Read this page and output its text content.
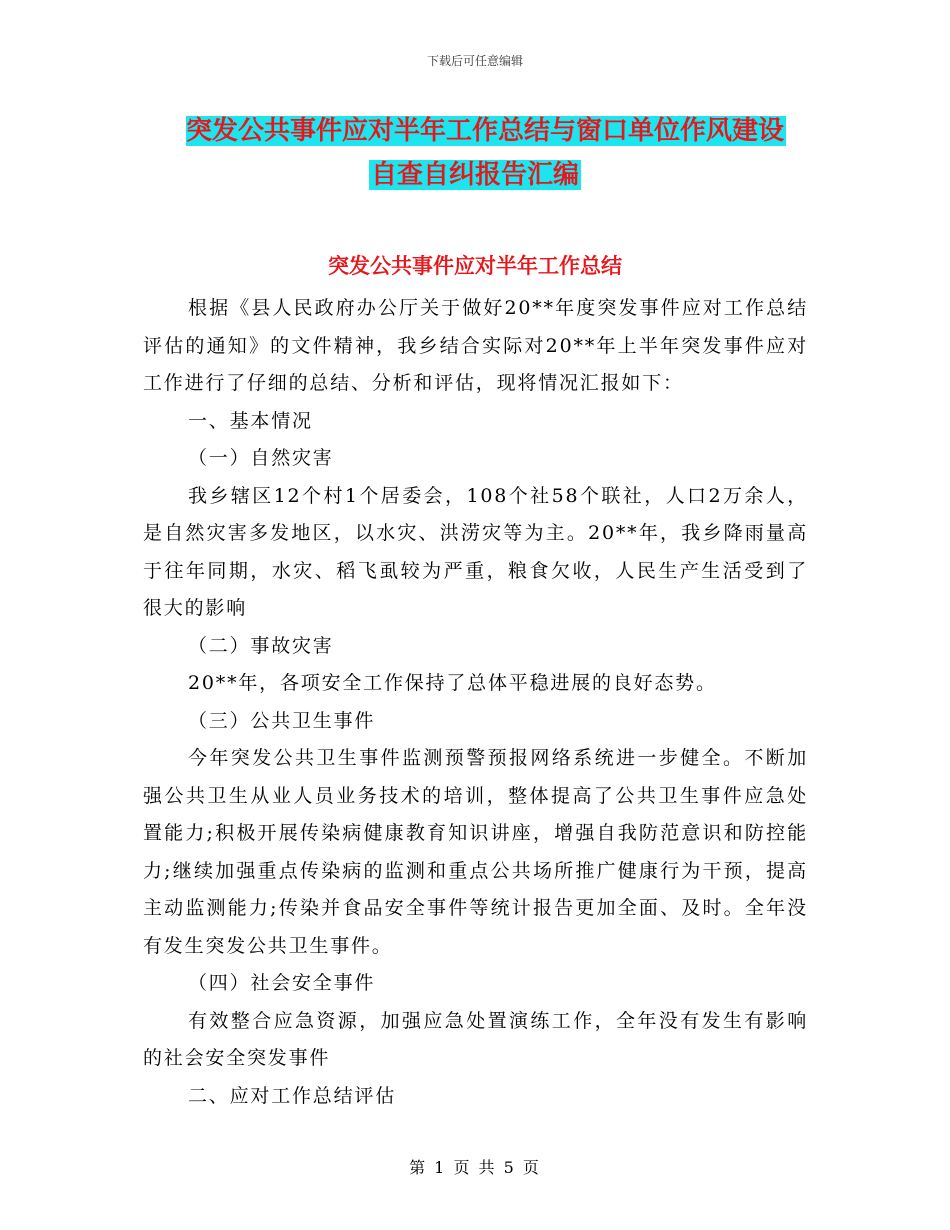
下载后可任意编辑
突发公共事件应对半年工作总结与窗口单位作风建设
自查自纠报告汇编
突发公共事件应对半年工作总结

根据《县人民政府办公厅关于做好20**年度突发事件应对工作总结评估的通知》的文件精神，我乡结合实际对20**年上半年突发事件应对工作进行了仔细的总结、分析和评估，现将情况汇报如下：

一、基本情况

（一）自然灾害

我乡辖区12个村1个居委会，108个社58个联社，人口2万余人，是自然灾害多发地区，以水灾、洪涝灾等为主。20**年，我乡降雨量高于往年同期，水灾、稻飞虱较为严重，粮食欠收，人民生产生活受到了很大的影响

（二）事故灾害

20**年，各项安全工作保持了总体平稳进展的良好态势。

（三）公共卫生事件

今年突发公共卫生事件监测预警预报网络系统进一步健全。不断加强公共卫生从业人员业务技术的培训，整体提高了公共卫生事件应急处置能力;积极开展传染病健康教育知识讲座，增强自我防范意识和防控能力;继续加强重点传染病的监测和重点公共场所推广健康行为干预，提高主动监测能力;传染并食品安全事件等统计报告更加全面、及时。全年没有发生突发公共卫生事件。

（四）社会安全事件

有效整合应急资源，加强应急处置演练工作，全年没有发生有影响的社会安全突发事件

二、应对工作总结评估

第 1 页 共 5 页
